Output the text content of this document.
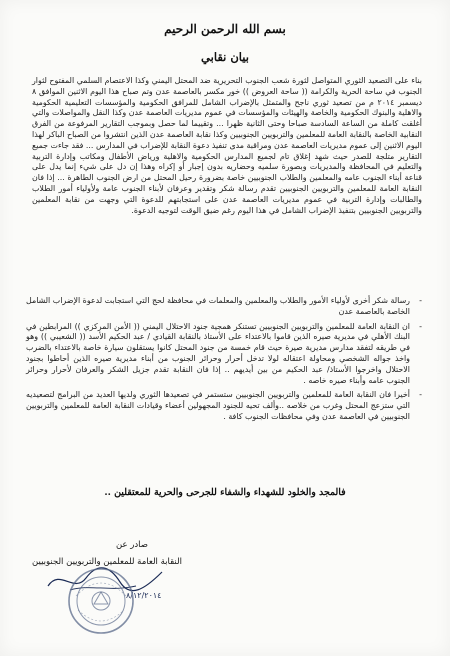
بسم الله الرحمن الرحيم
بيان نقابي
بناء على التصعيد الثوري المتواصل لثورة شعب الجنوب التحريرية ضد المحتل اليمني وكذا الاعتصام السلمي المفتوح لثوار الجنوب في ساحة الحرية والكرامة (( ساحة العروض )) خور مكسر بالعاصمة عدن وتم صباح هذا اليوم الاثنين الموافق ٨ ديسمبر ٢٠١٤ م من تصعيد ثوري ناجح والمتمثل بالإضراب الشامل للمرافق الحكومية والمؤسسات التعليمية الحكومية والاهلية والبنوك الحكومية والخاصة والهيئات والمؤسسات في عموم مديريات العاصمة عدن وكذا النقل والمواصلات والتي أغلقت كاملة من الساعة السادسة صباحا وحتى الثانية ظهرا ... وتقييما لما حصل وبموجب التقارير المرفوعة من الفرق النقابية الخاصة بالنقابة العامة للمعلمين والتربويين الجنوبيين وكذا نقابة العاصمة عدن الذين انتشروا من الصباح الباكر لهذا اليوم الاثنين إلى عموم مديريات العاصمة عدن ومراقبة مدى تنفيذ دعوة النقابة للإضراب في المدارس ... فقد جاءت جميع التقارير متلجة للصدر حيث شهد إغلاق تام لجميع المدارس الحكومية والاهلية ورياض الأطفال ومكاتب وإدارة التربية والتعليم في المحافظة والمديريات وبصورة سلميه وحضاريه بدون إجبار أو إكراه وهذا إن دل على شيء إنما يدل على قناعة أبناء الجنوب عامه والمعلمين والطلاب الجنوبيين خاصة بضرورة رحيل المحتل من ارض الجنوب الطاهرة ... إذا فان النقابة العامة للمعلمين والتربويين الجنوبيين تقدم رسالة شكر وتقدير وعرفان لأبناء الجنوب عامة ولأولياء أمور الطلاب والطالبات وإدارة التربية في عموم مديريات العاصمة عدن على استجابتهم للدعوة التي وجهت من نقابة المعلمين والتربويين الجنوبيين بتنفيذ الإضراب الشامل في هذا اليوم رغم ضيق الوقت لتوجيه الدعوة.
-
رسالة شكر أخرى لأولياء الأمور والطلاب والمعلمين والمعلمات في محافظة لحج التي استجابت لدعوة الإضراب الشامل الخاصة بالعاصمة عدن
-
ان النقابة العامة للمعلمين والتربويين الجنوبيين تستنكر همجية جنود الاحتلال اليمني (( الأمن المركزي )) المرابطين في البنك الأهلي في مديرية صيره الذين قاموا بالاعتداء على الأستاذ بالنقابة القيادي / عبد الحكيم الأسد (( الشعيبي )) وهو في طريقه لتفقد مدارس مديرية صيرة حيث قام خمسة من جنود المحتل كانوا يستقلون سيارة خاصة بالاعتداء بالضرب واخذ جواله الشخصي ومحاولة اعتقاله لولا تدخل أحرار وحرائر الجنوب من أبناء مديرية صيره الذين أحاطوا بجنود الاحتلال واخرجوا الأستاذ/ عبد الحكيم من بين أيديهم .. إذا فان النقابة تقدم جزيل الشكر والعرفان لأحرار وحرائر الجنوب عامه وأبناء صيره خاصه .
-
أخيرا فان النقابة العامة للمعلمين والتربويين الجنوبيين ستستمر في تصعيدها الثوري ولديها العديد من البرامج لتصعيديه التي ستزعج المحتل وغرب من خلاصه ..وألف تحيه للجنود المجهولين أعضاء وقيادات النقابة العامة للمعلمين والتربويين الجنوبيين في العاصمة عدن وفي محافظات الجنوب كافة .
فالمجد والخلود للشهداء والشفاء للجرحى والحرية للمعتقلين ..
صادر عن
النقابة العامة للمعلمين والتربويين الجنوبيين
٨/١٢/٢٠١٤
